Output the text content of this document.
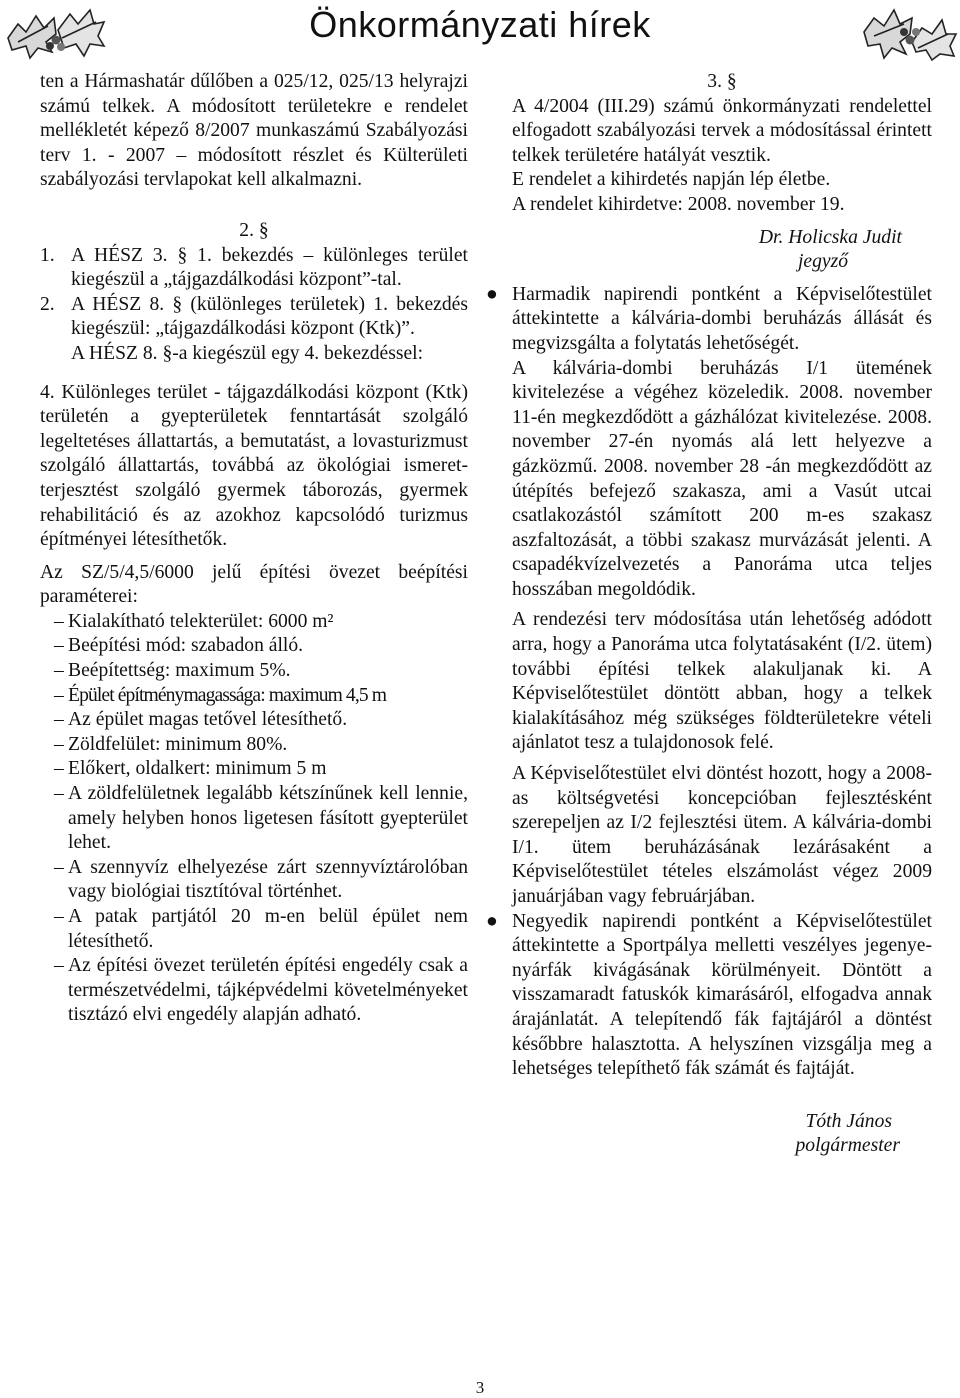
Önkormányzati hírek

ten a Hármashatár dűlőben a 025/12, 025/13 helyrajzi számú telkek. A módosított területekre e rendelet mellékletét képező 8/2007 munkaszámú Szabályozási terv 1. - 2007 – módosított részlet és Külterületi szabályozási tervlapokat kell alkalmazni.

2. §

1. A HÉSZ 3. § 1. bekezdés – különleges terület kiegészül a „tájgazdálkodási központ”-tal.
2. A HÉSZ 8. § (különleges területek) 1. bekezdés kiegészül: „tájgazdálkodási központ (Ktk)”.
A HÉSZ 8. §-a kiegészül egy 4. bekezdéssel:

4. Különleges terület - tájgazdálkodási központ (Ktk) területén a gyepterületek fenntartását szolgáló legeltetéses állattartás, a bemutatást, a lovasturizmust szolgáló állattartás, továbbá az ökológiai ismeretterjesztést szolgáló gyermek táborozás, gyermek rehabilitáció és az azokhoz kapcsolódó turizmus építményei létesíthetők.

Az SZ/5/4,5/6000 jelű építési övezet beépítési paraméterei:

– Kialakítható telekterület: 6000 m²
– Beépítési mód: szabadon álló.
– Beépítettség: maximum 5%.
– Épület építménymagassága: maximum 4,5 m
– Az épület magas tetővel létesíthető.
– Zöldfelület: minimum 80%.
– Előkert, oldalkert: minimum 5 m
– A zöldfelületnek legalább kétszínűnek kell lennie, amely helyben honos ligetesen fásított gyepterület lehet.
– A szennyvíz elhelyezése zárt szennyvíztárolóban vagy biológiai tisztítóval történhet.
– A patak partjától 20 m-en belül épület nem létesíthető.
– Az építési övezet területén építési engedély csak a természetvédelmi, tájképvédelmi követelményeket tisztázó elvi engedély alapján adható.

3. §

A 4/2004 (III.29) számú önkormányzati rendelettel elfogadott szabályozási tervek a módosítással érintett telkek területére hatályát vesztik.

E rendelet a kihirdetés napján lép életbe.

A rendelet kihirdetve: 2008. november 19.

Dr. Holicska Judit

jegyző

● Harmadik napirendi pontként a Képviselőtestület áttekintette a kálvária-dombi beruházás állását és megvizsgálta a folytatás lehetőségét.

A kálvária-dombi beruházás I/1 ütemének kivitelezése a végéhez közeledik. 2008. november 11-én megkezdődött a gázhálózat kivitelezése. 2008. november 27-én nyomás alá lett helyezve a gázközmű. 2008. november 28 -án megkezdődött az útépítés befejező szakasza, ami a Vasút utcai csatlakozástól számított 200 m-es szakasz aszfaltozását, a többi szakasz murvázását jelenti. A csapadékvízelvezetés a Panoráma utca teljes hosszában megoldódik.

A rendezési terv módosítása után lehetőség adódott arra, hogy a Panoráma utca folytatásaként (I/2. ütem) további építési telkek alakuljanak ki. A Képviselőtestület döntött abban, hogy a telkek kialakításához még szükséges földterületekre vételi ajánlatot tesz a tulajdonosok felé.

A Képviselőtestület elvi döntést hozott, hogy a 2008-as költségvetési koncepcióban fejlesztésként szerepeljen az I/2 fejlesztési ütem. A kálvária-dombi I/1. ütem beruházásának lezárásaként a Képviselőtestület tételes elszámolást végez 2009 januárjában vagy februárjában.

● Negyedik napirendi pontként a Képviselőtestület áttekintette a Sportpálya melletti veszélyes jegenye-nyárfák kivágásának körülményeit. Döntött a visszamaradt fatuskók kimarásáról, elfogadva annak árajánlatát. A telepítendő fák fajtájáról a döntést későbbre halasztotta. A helyszínen vizsgálja meg a lehetséges telepíthető fák számát és fajtáját.

Tóth János

polgármester

3
